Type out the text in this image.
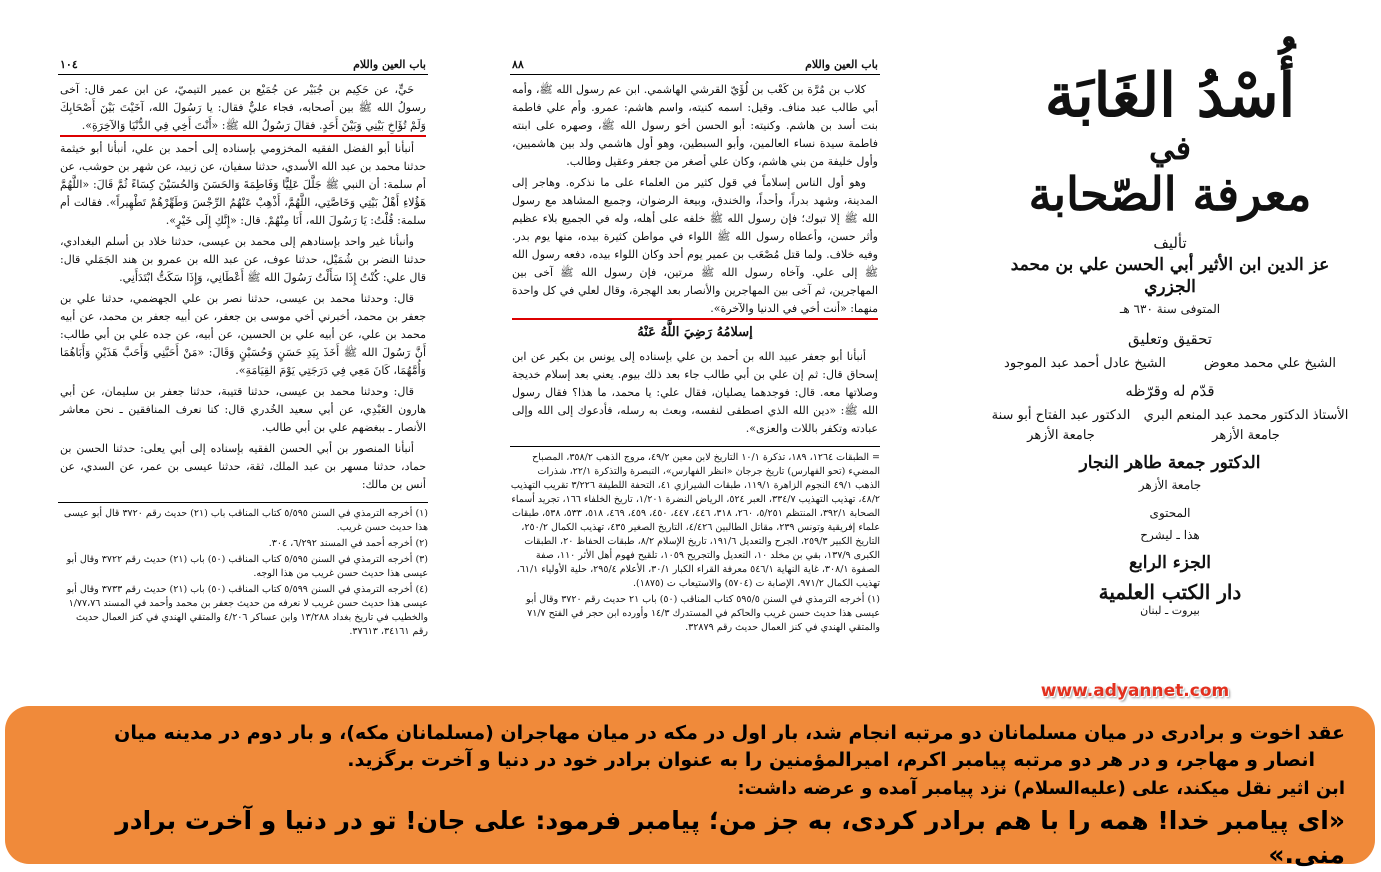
باب العين واللام
١٠٤

حَيٍّ، عن حَكِيم بن جُبَيْر عن جُمَيْع بن عمير التيميّ، عن ابن عمر قال: آخى رسولُ الله ﷺ بين أصحابه، فجاء عليٌّ فقال: يا رَسُولَ الله، آخَيْتَ بَيْنَ أَصْحَابِكَ وَلَمْ تُؤَاخِ بَيْنِي وَبَيْنَ أَحَدٍ. فقالَ رَسُولُ الله ﷺ: «أَنْتَ أَخِي فِي الدُّنْيَا وَالآخِرَةِ».

أنبأنا أبو الفضل الفقيه المخزومي بإسناده إلى أحمد بن علي، أنبأنا أبو خيثمة حدثنا محمد بن عبد الله الأسدي، حدثنا سفيان، عن زبيد، عن شهر بن حوشب، عن أم سلمة: أن النبي ﷺ جَلَّلَ عَلِيًّا وَفَاطِمَةَ وَالحَسَنَ وَالحُسَيْنَ كِسَاءً ثُمَّ قَالَ: «اللَّهُمَّ هَؤُلاءِ أَهْلُ بَيْتِي وَخَاصَّتِي، اللَّهُمَّ، أَذْهِبْ عَنْهُمُ الرِّجْسَ وَطَهِّرْهُمْ تَطْهِيراً». فقالت أم سلمة: قُلْتُ: يَا رَسُولَ الله، أَنَا مِنْهُمْ. قال: «إِنَّكِ إِلَى خَيْرٍ».

وأنبأنا غير واحد بإسنادهم إلى محمد بن عيسى، حدثنا خلاد بن أسلم البغدادي، حدثنا النضر بن شُمَيْل، حدثنا عوف، عن عبد الله بن عمرو بن هند الجَمَلي قال: قال علي: كُنْتُ إِذَا سَأَلْتُ رَسُولَ الله ﷺ أَعْطَانِي، وَإِذَا سَكَتُّ ابْتَدَأَنِي.

قال: وحدثنا محمد بن عيسى، حدثنا نصر بن علي الجهضمي، حدثنا علي بن جعفر بن محمد، أخبرني أخي موسى بن جعفر، عن أبيه جعفر بن محمد، عن أبيه محمد بن علي، عن أبيه علي بن الحسين، عن أبيه، عن جده علي بن أبي طالب: أَنَّ رَسُولَ الله ﷺ أَخَذَ بِيَدِ حَسَنٍ وَحُسَيْنٍ وَقَالَ: «مَنْ أَحَبَّنِي وَأَحَبَّ هَذَيْنِ وَأَبَاهُمَا وَأُمَّهُمَا، كَانَ مَعِي فِي دَرَجَتِي يَوْمَ القِيَامَةِ».

قال: وحدثنا محمد بن عيسى، حدثنا قتيبة، حدثنا جعفر بن سليمان، عن أبي هارون العَبْدِي، عن أبي سعيد الخُدري قال: كنا نعرف المنافقين ـ نحن معاشر الأنصار ـ ببغضهم علي بن أبي طالب.

أنبأنا المنصور بن أبي الحسن الفقيه بإسناده إلى أبي يعلى: حدثنا الحسن بن حماد، حدثنا مسهر بن عبد الملك، ثقة، حدثنا عيسى بن عمر، عن السدي، عن أنس بن مالك:

(١) أخرجه الترمذي في السنن ٥/٥٩٥ كتاب المناقب باب (٢١) حديث رقم ٣٧٢٠ قال أبو عيسى هذا حديث حسن غريب.

(٢) أخرجه أحمد في المسند ٦/٢٩٢، ٣٠٤.

(٣) أخرجه الترمذي في السنن ٥/٥٩٥ كتاب المناقب (٥٠) باب (٢١) حديث رقم ٣٧٢٢ وقال أبو عيسى هذا حديث حسن غريب من هذا الوجه.

(٤) أخرجه الترمذي في السنن ٥/٥٩٩ كتاب المناقب (٥٠) باب (٢١) حديث رقم ٣٧٣٣ وقال أبو عيسى هذا حديث حسن غريب لا نعرفه من حديث جعفر بن محمد وأحمد في المسند ١/٧٧،٧٦ والخطيب في تاريخ بغداد ١٣/٢٨٨ وابن عساكر ٤/٢٠٦ والمتقي الهندي في كنز العمال حديث رقم ٣٤١٦١، ٣٧٦١٣.

باب العين واللام
٨٨

كلاب بن مُرَّة بن كَعْب بن لُؤَيّ القرشي الهاشمي. ابن عم رسول الله ﷺ، وأمه أبي طالب عبد مناف. وقيل: اسمه كنيته، واسم هاشم: عمرو. وأم علي فاطمة بنت أسد بن هاشم. وكنيته: أبو الحسن أخو رسول الله ﷺ، وصهره على ابنته فاطمة سيدة نساء العالمين، وأبو السبطين، وهو أول هاشمي ولد بين هاشميين، وأول خليفة من بني هاشم، وكان علي أصغر من جعفر وعقيل وطالب.

وهو أول الناس إسلاماً في قول كثير من العلماء على ما نذكره. وهاجر إلى المدينة، وشهد بدراً، وأحداً، والخندق، وبيعة الرضوان، وجميع المشاهد مع رسول الله ﷺ إلا تبوك؛ فإن رسول الله ﷺ خلفه على أهله، وله في الجميع بلاء عظيم وأثر حسن، وأعطاه رسول الله ﷺ اللواء في مواطن كثيرة بيده، منها يوم بدر. وفيه خلاف. ولما قتل مُصْعَب بن عمير يوم أحد وكان اللواء بيده، دفعه رسول الله ﷺ إلى علي. وآخاه رسول الله ﷺ مرتين، فإن رسول الله ﷺ آخى بين المهاجرين، ثم آخى بين المهاجرين والأنصار بعد الهجرة، وقال لعلي في كل واحدة منهما: «أنت أخي في الدنيا والآخرة».

إسلامُهُ رَضِيَ اللَّهُ عَنْهُ

أنبأنا أبو جعفر عبيد الله بن أحمد بن علي بإسناده إلى يونس بن بكير عن ابن إسحاق قال: ثم إن علي بن أبي طالب جاء بعد ذلك بيوم. يعني بعد إسلام خديجة وصلاتها معه. قال: فوجدهما يصليان، فقال علي: يا محمد، ما هذا؟ فقال رسول الله ﷺ: «دين الله الذي اصطفى لنفسه، وبعث به رسله، فأدعوك إلى الله وإلى عبادته وتكفر باللات والعزى».

= الطبقات ١٢٦٤، ١٨٩، تذكرة ١٠/١ التاريخ لابن معين ٤٩/٢، مروج الذهب ٣٥٨/٢، المصباح المضيء (تحو الفهارس) تاريخ جرجان «انظر الفهارس»، التبصرة والتذكرة ٢٢/١، شذرات الذهب ٤٩/١ النجوم الزاهرة ١١٩/١، طبقات الشيرازي ٤١، التحفة اللطيفة ٣/٢٢٦ تقريب التهذيب ٤٨/٢، تهذيب التهذيب ٣٣٤/٧، العبر ٥٢٤، الرياض النضرة ١/٢٠١، تاريخ الخلفاء ١٦٦، تجريد أسماء الصحابة ٣٩٢/١، المنتظم ٥/٢٥١، ٢٦٠، ٣١٨، ٤٤٦، ٤٤٧، ٤٥٠، ٤٥٩، ٤٦٩، ٥١٨، ٥٣٣، ٥٣٨، طبقات علماء إفريقية وتونس ٢٣٩، مقاتل الطالبين ٤/٤٢٦، التاريخ الصغير ٤٣٥، تهذيب الكمال ٢٥٠/٢، التاريخ الكبير ٢٥٩/٣، الجرح والتعديل ١٩١/٦، تاريخ الإسلام ٨/٢، طبقات الحفاظ ٢٠، الطبقات الكبرى ١٣٧/٩، بقي بن مخلد ١٠، التعديل والتجريح ١٠٥٩، تلقيح فهوم أهل الأثر ١١٠، صفة الصفوة ٣٠٨/١، غاية النهاية ٥٤٦/١ معرفة القراء الكبار ٣٠/١، الأعلام ٢٩٥/٤، حلية الأولياء ٦١/١، تهذيب الكمال ٩٧١/٢، الإصابة ت (٥٧٠٤) والاستيعاب ت (١٨٧٥).

(١) أخرجه الترمذي في السنن ٥٩٥/٥ كتاب المناقب (٥٠) باب ٢١ حديث رقم ٣٧٢٠ وقال أبو عيسى هذا حديث حسن غريب والحاكم في المستدرك ١٤/٣ وأورده ابن حجر في الفتح ٧١/٧ والمتقي الهندي في كنز العمال حديث رقم ٣٢٨٧٩.

أُسْدُ الغَابَة
في
معرفة الصّحابة

تأليف

عز الدين ابن الأثير أبي الحسن علي بن محمد الجزري

المتوفى سنة ٦٣٠ هـ

تحقيق وتعليق

الشيخ علي محمد معوض
الشيخ عادل أحمد عبد الموجود

قدّم له وقرّظه

الأستاذ الدكتور محمد عبد المنعم البري
جامعة الأزهر
الدكتور عبد الفتاح أبو سنة
جامعة الأزهر

الدكتور جمعة طاهر النجار

جامعة الأزهر

المحتوى

هذا ـ ليشرح

الجزء الرابع

دار الكتب العلمية
بيروت ـ لبنان
www.adyannet.com

عقد اخوت و برادری در میان مسلمانان دو مرتبه انجام شد، بار اول در مکه در میان مهاجران (مسلمانان مکه)، و بار دوم در مدینه میان

انصار و مهاجر، و در هر دو مرتبه پیامبر اکرم، امیرالمؤمنین را به عنوان برادر خود در دنیا و آخرت برگزید.

ابن اثیر نقل میکند، علی (علیه‌السلام) نزد پیامبر آمده و عرضه داشت:

«ای پیامبر خدا! همه را با هم برادر کردی، به جز من؛ پیامبر فرمود: علی جان! تو در دنیا و آخرت برادر منی.»
